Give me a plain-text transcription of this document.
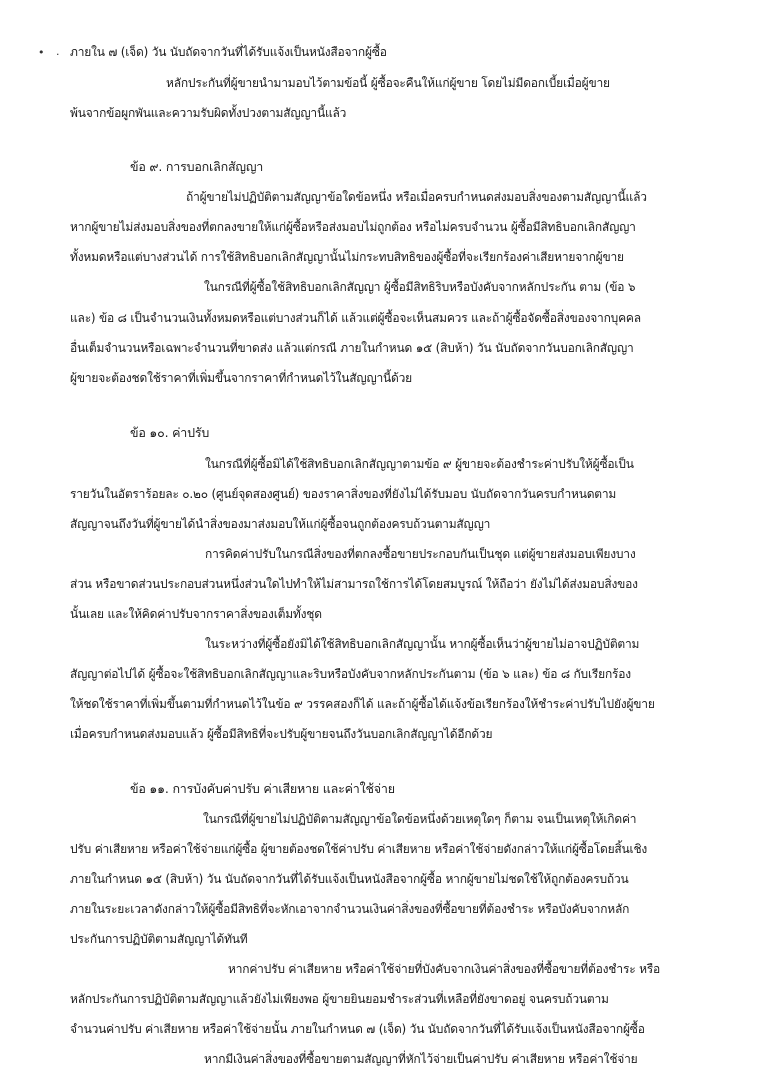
• · ภายใน ๗ (เจ็ด) วัน นับถัดจากวันที่ได้รับแจ้งเป็นหนังสือจากผู้ซื้อ

หลักประกันที่ผู้ขายนำมามอบไว้ตามข้อนี้ ผู้ซื้อจะคืนให้แก่ผู้ขาย โดยไม่มีดอกเบี้ยเมื่อผู้ขาย

พ้นจากข้อผูกพันและความรับผิดทั้งปวงตามสัญญานี้แล้ว

ข้อ ๙. การบอกเลิกสัญญา

ถ้าผู้ขายไม่ปฏิบัติตามสัญญาข้อใดข้อหนึ่ง หรือเมื่อครบกำหนดส่งมอบสิ่งของตามสัญญานี้แล้ว

หากผู้ขายไม่ส่งมอบสิ่งของที่ตกลงขายให้แก่ผู้ซื้อหรือส่งมอบไม่ถูกต้อง หรือไม่ครบจำนวน ผู้ซื้อมีสิทธิบอกเลิกสัญญา

ทั้งหมดหรือแต่บางส่วนได้ การใช้สิทธิบอกเลิกสัญญานั้นไม่กระทบสิทธิของผู้ซื้อที่จะเรียกร้องค่าเสียหายจากผู้ขาย

ในกรณีที่ผู้ซื้อใช้สิทธิบอกเลิกสัญญา ผู้ซื้อมีสิทธิริบหรือบังคับจากหลักประกัน ตาม (ข้อ ๖

และ) ข้อ ๘ เป็นจำนวนเงินทั้งหมดหรือแต่บางส่วนก็ได้ แล้วแต่ผู้ซื้อจะเห็นสมควร และถ้าผู้ซื้อจัดซื้อสิ่งของจากบุคคล

อื่นเต็มจำนวนหรือเฉพาะจำนวนที่ขาดส่ง แล้วแต่กรณี ภายในกำหนด ๑๕ (สิบห้า) วัน นับถัดจากวันบอกเลิกสัญญา

ผู้ขายจะต้องชดใช้ราคาที่เพิ่มขึ้นจากราคาที่กำหนดไว้ในสัญญานี้ด้วย

ข้อ ๑๐. ค่าปรับ

ในกรณีที่ผู้ซื้อมิได้ใช้สิทธิบอกเลิกสัญญาตามข้อ ๙ ผู้ขายจะต้องชำระค่าปรับให้ผู้ซื้อเป็น

รายวันในอัตราร้อยละ ๐.๒๐ (ศูนย์จุดสองศูนย์) ของราคาสิ่งของที่ยังไม่ได้รับมอบ นับถัดจากวันครบกำหนดตาม

สัญญาจนถึงวันที่ผู้ขายได้นำสิ่งของมาส่งมอบให้แก่ผู้ซื้อจนถูกต้องครบถ้วนตามสัญญา

การคิดค่าปรับในกรณีสิ่งของที่ตกลงซื้อขายประกอบกันเป็นชุด แต่ผู้ขายส่งมอบเพียงบาง

ส่วน หรือขาดส่วนประกอบส่วนหนึ่งส่วนใดไปทำให้ไม่สามารถใช้การได้โดยสมบูรณ์ ให้ถือว่า ยังไม่ได้ส่งมอบสิ่งของ

นั้นเลย และให้คิดค่าปรับจากราคาสิ่งของเต็มทั้งชุด

ในระหว่างที่ผู้ซื้อยังมิได้ใช้สิทธิบอกเลิกสัญญานั้น หากผู้ซื้อเห็นว่าผู้ขายไม่อาจปฏิบัติตาม

สัญญาต่อไปได้ ผู้ซื้อจะใช้สิทธิบอกเลิกสัญญาและริบหรือบังคับจากหลักประกันตาม (ข้อ ๖ และ) ข้อ ๘ กับเรียกร้อง

ให้ชดใช้ราคาที่เพิ่มขึ้นตามที่กำหนดไว้ในข้อ ๙ วรรคสองก็ได้ และถ้าผู้ซื้อได้แจ้งข้อเรียกร้องให้ชำระค่าปรับไปยังผู้ขาย

เมื่อครบกำหนดส่งมอบแล้ว ผู้ซื้อมีสิทธิที่จะปรับผู้ขายจนถึงวันบอกเลิกสัญญาได้อีกด้วย

ข้อ ๑๑. การบังคับค่าปรับ ค่าเสียหาย และค่าใช้จ่าย

ในกรณีที่ผู้ขายไม่ปฏิบัติตามสัญญาข้อใดข้อหนึ่งด้วยเหตุใดๆ ก็ตาม จนเป็นเหตุให้เกิดค่า

ปรับ ค่าเสียหาย หรือค่าใช้จ่ายแก่ผู้ซื้อ ผู้ขายต้องชดใช้ค่าปรับ ค่าเสียหาย หรือค่าใช้จ่ายดังกล่าวให้แก่ผู้ซื้อโดยสิ้นเชิง

ภายในกำหนด ๑๕ (สิบห้า) วัน นับถัดจากวันที่ได้รับแจ้งเป็นหนังสือจากผู้ซื้อ หากผู้ขายไม่ชดใช้ให้ถูกต้องครบถ้วน

ภายในระยะเวลาดังกล่าวให้ผู้ซื้อมีสิทธิที่จะหักเอาจากจำนวนเงินค่าสิ่งของที่ซื้อขายที่ต้องชำระ หรือบังคับจากหลัก

ประกันการปฏิบัติตามสัญญาได้ทันที

หากค่าปรับ ค่าเสียหาย หรือค่าใช้จ่ายที่บังคับจากเงินค่าสิ่งของที่ซื้อขายที่ต้องชำระ หรือ

หลักประกันการปฏิบัติตามสัญญาแล้วยังไม่เพียงพอ ผู้ขายยินยอมชำระส่วนที่เหลือที่ยังขาดอยู่ จนครบถ้วนตาม

จำนวนค่าปรับ ค่าเสียหาย หรือค่าใช้จ่ายนั้น ภายในกำหนด ๗ (เจ็ด) วัน นับถัดจากวันที่ได้รับแจ้งเป็นหนังสือจากผู้ซื้อ

หากมีเงินค่าสิ่งของที่ซื้อขายตามสัญญาที่หักไว้จ่ายเป็นค่าปรับ ค่าเสียหาย หรือค่าใช้จ่าย
